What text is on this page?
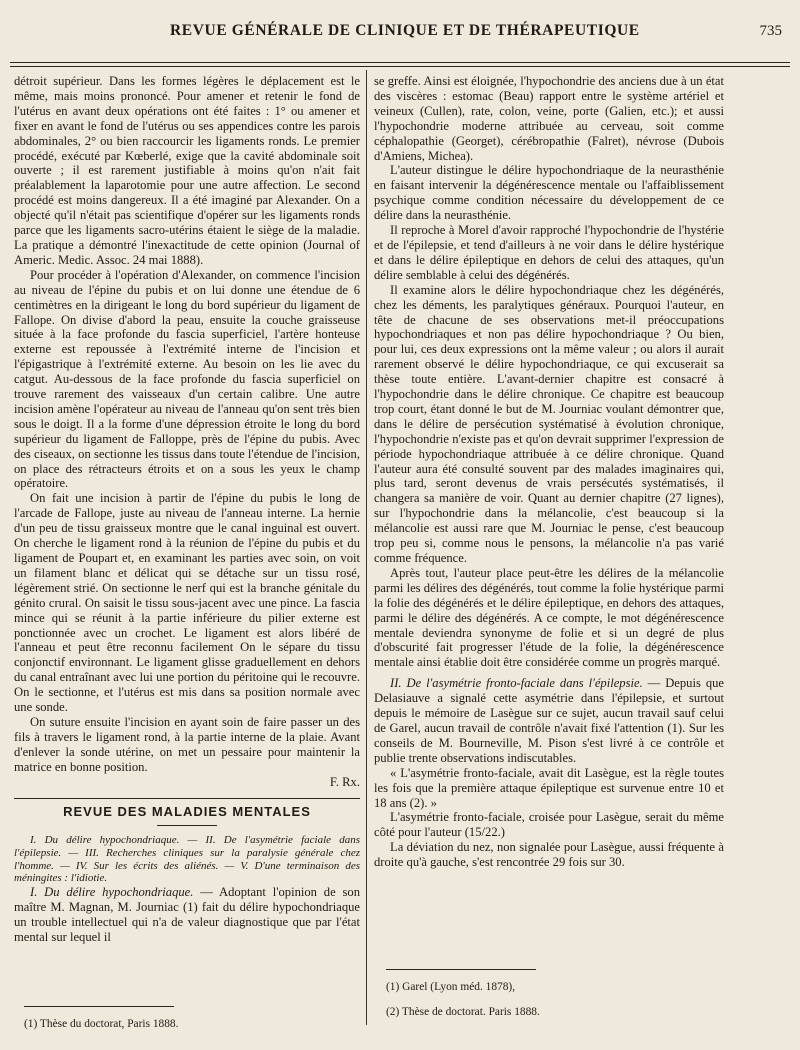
REVUE GÉNÉRALE DE CLINIQUE ET DE THÉRAPEUTIQUE	735

détroit supérieur. Dans les formes légères le déplacement est le même, mais moins prononcé. Pour amener et retenir le fond de l'utérus en avant deux opérations ont été faites : 1° ou amener et fixer en avant le fond de l'utérus ou ses appendices contre les parois abdominales, 2° ou bien raccourcir les ligaments ronds. Le premier procédé, exécuté par Kœberlé, exige que la cavité abdominale soit ouverte ; il est rarement justifiable à moins qu'on n'ait fait préalablement la laparotomie pour une autre affection. Le second procédé est moins dangereux. Il a été imaginé par Alexander. On a objecté qu'il n'était pas scientifique d'opérer sur les ligaments ronds parce que les ligaments sacro-utérins étaient le siège de la maladie. La pratique a démontré l'inexactitude de cette opinion (Journal of Americ. Medic. Assoc. 24 mai 1888).

Pour procéder à l'opération d'Alexander, on commence l'incision au niveau de l'épine du pubis et on lui donne une étendue de 6 centimètres en la dirigeant le long du bord supérieur du ligament de Fallope. On divise d'abord la peau, ensuite la couche graisseuse située à la face profonde du fascia superficiel, l'artère honteuse externe est repoussée à l'extrémité interne de l'incision et l'épigastrique à l'extrémité externe. Au besoin on les lie avec du catgut. Au-dessous de la face profonde du fascia superficiel on trouve rarement des vaisseaux d'un certain calibre. Une autre incision amène l'opérateur au niveau de l'anneau qu'on sent très bien sous le doigt. Il a la forme d'une dépression étroite le long du bord supérieur du ligament de Falloppe, près de l'épine du pubis. Avec des ciseaux, on sectionne les tissus dans toute l'étendue de l'incision, on place des rétracteurs étroits et on a sous les yeux le champ opératoire.

On fait une incision à partir de l'épine du pubis le long de l'arcade de Fallope, juste au niveau de l'anneau interne. La hernie d'un peu de tissu graisseux montre que le canal inguinal est ouvert. On cherche le ligament rond à la réunion de l'épine du pubis et du ligament de Poupart et, en examinant les parties avec soin, on voit un filament blanc et délicat qui se détache sur un tissu rosé, légèrement strié. On sectionne le nerf qui est la branche génitale du génito crural. On saisit le tissu sous-jacent avec une pince. La fascia mince qui se réunit à la partie inférieure du pilier externe est ponctionnée avec un crochet. Le ligament est alors libéré de l'anneau et peut être reconnu facilement On le sépare du tissu conjonctif environnant. Le ligament glisse graduellement en dehors du canal entraînant avec lui une portion du péritoine qui le recouvre. On le sectionne, et l'utérus est mis dans sa position normale avec une sonde.

On suture ensuite l'incision en ayant soin de faire passer un des fils à travers le ligament rond, à la partie interne de la plaie. Avant d'enlever la sonde utérine, on met un pessaire pour maintenir la matrice en bonne position.

F. Rx.

REVUE DES MALADIES MENTALES

I. Du délire hypochondriaque. — II. De l'asymétrie faciale dans l'épilepsie. — III. Recherches cliniques sur la paralysie générale chez l'homme. — IV. Sur les écrits des aliénés. — V. D'une terminaison des méningites : l'idiotie.

I. Du délire hypochondriaque. — Adoptant l'opinion de son maître M. Magnan, M. Journiac (1) fait du délire hypochondriaque un trouble intellectuel qui n'a de valeur diagnostique que par l'état mental sur lequel il

(1) Thèse du doctorat, Paris 1888.

se greffe. Ainsi est éloignée, l'hypochondrie des anciens due à un état des viscères : estomac (Beau) rapport entre le système artériel et veineux (Cullen), rate, colon, veine, porte (Galien, etc.); et aussi l'hypochondrie moderne attribuée au cerveau, soit comme céphalopathie (Georget), cérébropathie (Falret), névrose (Dubois d'Amiens, Michea).

L'auteur distingue le délire hypochondriaque de la neurasthénie en faisant intervenir la dégénérescence mentale ou l'affaiblissement psychique comme condition nécessaire du développement de ce délire dans la neurasthénie.

Il reproche à Morel d'avoir rapproché l'hypochondrie de l'hystérie et de l'épilepsie, et tend d'ailleurs à ne voir dans le délire hystérique et dans le délire épileptique en dehors de celui des attaques, qu'un délire semblable à celui des dégénérés.

Il examine alors le délire hypochondriaque chez les dégénérés, chez les déments, les paralytiques généraux. Pourquoi l'auteur, en tête de chacune de ses observations met-il préoccupations hypochondriaques et non pas délire hypochondriaque ? Ou bien, pour lui, ces deux expressions ont la même valeur ; ou alors il aurait rarement observé le délire hypochondriaque, ce qui excuserait sa thèse toute entière. L'avant-dernier chapitre est consacré à l'hypochondrie dans le délire chronique. Ce chapitre est beaucoup trop court, étant donné le but de M. Journiac voulant démontrer que, dans le délire de persécution systématisé à évolution chronique, l'hypochondrie n'existe pas et qu'on devrait supprimer l'expression de période hypochondriaque attribuée à ce délire chronique. Quand l'auteur aura été consulté souvent par des malades imaginaires qui, plus tard, seront devenus de vrais persécutés systématisés, il changera sa manière de voir. Quant au dernier chapitre (27 lignes), sur l'hypochondrie dans la mélancolie, c'est beaucoup si la mélancolie est aussi rare que M. Journiac le pense, c'est beaucoup trop peu si, comme nous le pensons, la mélancolie n'a pas varié comme fréquence.

Après tout, l'auteur place peut-être les délires de la mélancolie parmi les délires des dégénérés, tout comme la folie hystérique parmi la folie des dégénérés et le délire épileptique, en dehors des attaques, parmi le délire des dégénérés. A ce compte, le mot dégénérescence mentale deviendra synonyme de folie et si un degré de plus d'obscurité fait progresser l'étude de la folie, la dégénérescence mentale ainsi établie doit être considérée comme un progrès marqué.

II. De l'asymétrie fronto-faciale dans l'épilepsie. — Depuis que Delasiauve a signalé cette asymétrie dans l'épilepsie, et surtout depuis le mémoire de Lasègue sur ce sujet, aucun travail sauf celui de Garel, aucun travail de contrôle n'avait fixé l'attention (1). Sur les conseils de M. Bourneville, M. Pison s'est livré à ce contrôle et publie trente observations indiscutables.

« L'asymétrie fronto-faciale, avait dit Lasègue, est la règle toutes les fois que la première attaque épileptique est survenue entre 10 et 18 ans (2). »

L'asymétrie fronto-faciale, croisée pour Lasègue, serait du même côté pour l'auteur (15/22.)

La déviation du nez, non signalée pour Lasègue, aussi fréquente à droite qu'à gauche, s'est rencontrée 29 fois sur 30.

(1) Garel (Lyon méd. 1878),

(2) Thèse de doctorat. Paris 1888.
